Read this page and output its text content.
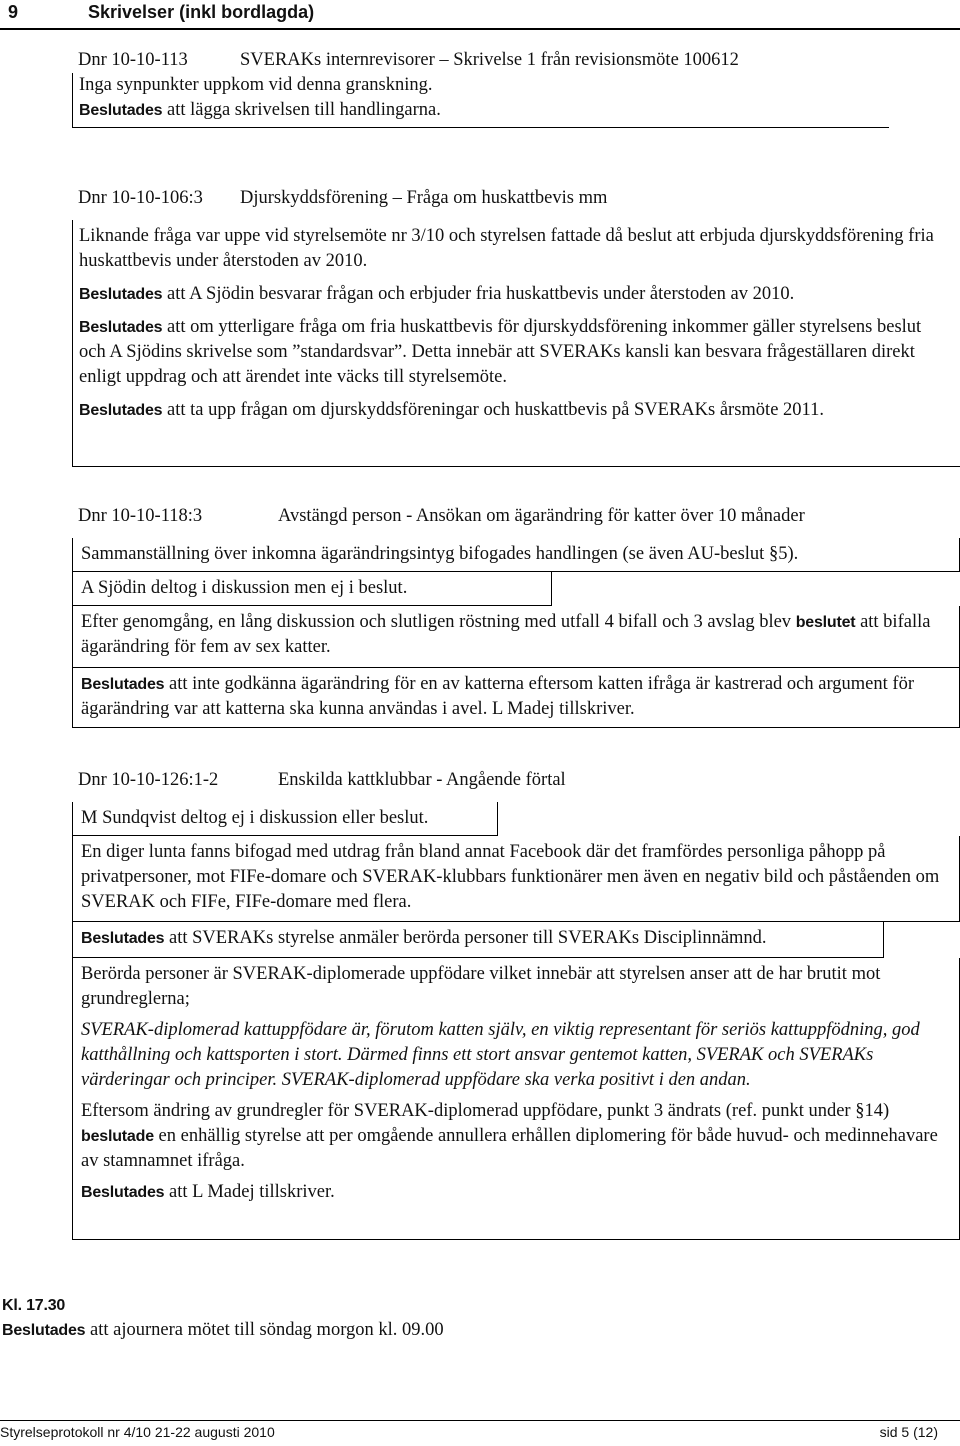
9	Skrivelser (inkl bordlagda)
Dnr 10-10-113	SVERAKs internrevisorer – Skrivelse 1 från revisionsmöte 100612
Inga synpunkter uppkom vid denna granskning.
Beslutades att lägga skrivelsen till handlingarna.
Dnr 10-10-106:3 Djurskyddsförening – Fråga om huskattbevis mm
Liknande fråga var uppe vid styrelsemöte nr 3/10 och styrelsen fattade då beslut att erbjuda djurskyddsförening fria huskattbevis under återstoden av 2010.
Beslutades att A Sjödin besvarar frågan och erbjuder fria huskattbevis under återstoden av 2010.
Beslutades att om ytterligare fråga om fria huskattbevis för djurskyddsförening inkommer gäller styrelsens beslut och A Sjödins skrivelse som ”standardsvar”. Detta innebär att SVERAKs kansli kan besvara frågeställaren direkt enligt uppdrag och att ärendet inte väcks till styrelsemöte.
Beslutades att ta upp frågan om djurskyddsföreningar och huskattbevis på SVERAKs årsmöte 2011.
Dnr 10-10-118:3	Avstängd person - Ansökan om ägarändring för katter över 10 månader
Sammanställning över inkomna ägarändringsintyg bifogades handlingen (se även AU-beslut §5).
A Sjödin deltog i diskussion men ej i beslut.
Efter genomgång, en lång diskussion och slutligen röstning med utfall 4 bifall och 3 avslag blev beslutet att bifalla ägarändring för fem av sex katter.
Beslutades att inte godkänna ägarändring för en av katterna eftersom katten ifråga är kastrerad och argument för ägarändring var att katterna ska kunna användas i avel. L Madej tillskriver.
Dnr 10-10-126:1-2	Enskilda kattklubbar - Angående förtal
M Sundqvist deltog ej i diskussion eller beslut.
En diger lunta fanns bifogad med utdrag från bland annat Facebook där det framfördes personliga påhopp på privatpersoner, mot FIFe-domare och SVERAK-klubbars funktionärer men även en negativ bild och påståenden om SVERAK och FIFe, FIFe-domare med flera.
Beslutades att SVERAKs styrelse anmäler berörda personer till SVERAKs Disciplinnämnd.
Berörda personer är SVERAK-diplomerade uppfödare vilket innebär att styrelsen anser att de har brutit mot grundreglerna;
SVERAK-diplomerad kattuppfödare är, förutom katten själv, en viktig representant för seriös kattuppfödning, god katthållning och kattsporten i stort. Därmed finns ett stort ansvar gentemot katten, SVERAK och SVERAKs värderingar och principer. SVERAK-diplomerad uppfödare ska verka positivt i den andan.
Eftersom ändring av grundregler för SVERAK-diplomerad uppfödare, punkt 3 ändrats (ref. punkt under §14) beslutade en enhällig styrelse att per omgående annullera erhållen diplomering för både huvud- och medinnehavare av stamnamnet ifråga.
Beslutades att L Madej tillskriver.
Kl. 17.30
Beslutades att ajournera mötet till söndag morgon kl. 09.00
Styrelseprotokoll nr 4/10 21-22 augusti 2010	sid 5 (12)
